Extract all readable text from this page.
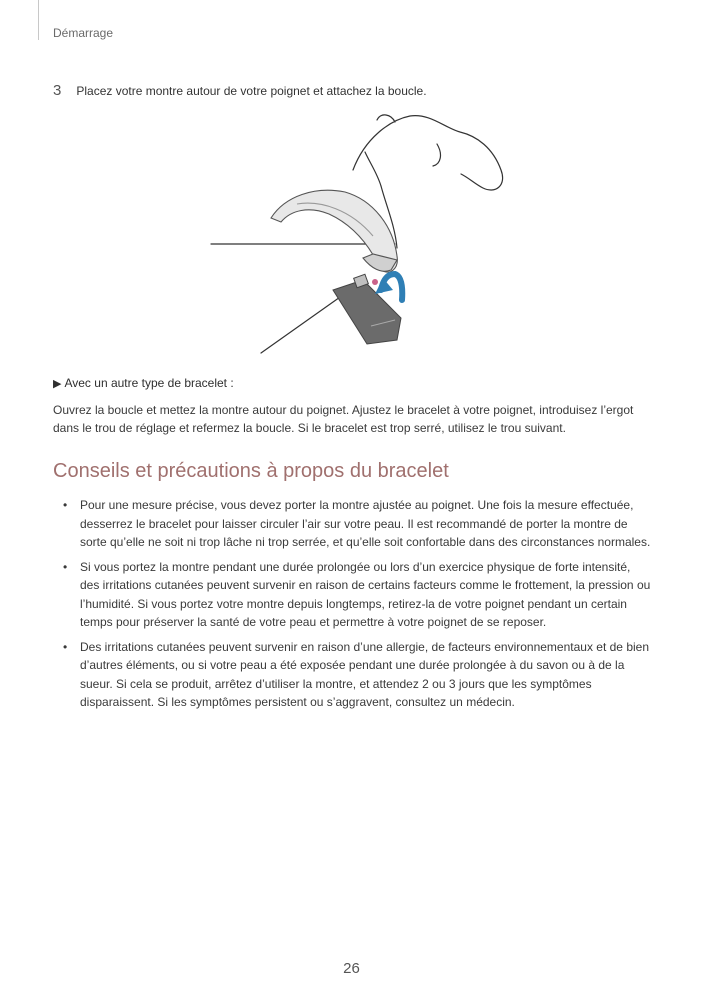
Démarrage
3 Placez votre montre autour de votre poignet et attachez la boucle.
▶ Avec un autre type de bracelet :
Ouvrez la boucle et mettez la montre autour du poignet. Ajustez le bracelet à votre poignet, introduisez l’ergot dans le trou de réglage et refermez la boucle. Si le bracelet est trop serré, utilisez le trou suivant.
Conseils et précautions à propos du bracelet
• Pour une mesure précise, vous devez porter la montre ajustée au poignet. Une fois la mesure effectuée, desserrez le bracelet pour laisser circuler l’air sur votre peau. Il est recommandé de porter la montre de sorte qu’elle ne soit ni trop lâche ni trop serrée, et qu’elle soit confortable dans des circonstances normales.
• Si vous portez la montre pendant une durée prolongée ou lors d’un exercice physique de forte intensité, des irritations cutanées peuvent survenir en raison de certains facteurs comme le frottement, la pression ou l’humidité. Si vous portez votre montre depuis longtemps, retirez-la de votre poignet pendant un certain temps pour préserver la santé de votre peau et permettre à votre poignet de se reposer.
• Des irritations cutanées peuvent survenir en raison d’une allergie, de facteurs environnementaux et de bien d’autres éléments, ou si votre peau a été exposée pendant une durée prolongée à du savon ou à de la sueur. Si cela se produit, arrêtez d’utiliser la montre, et attendez 2 ou 3 jours que les symptômes disparaissent. Si les symptômes persistent ou s’aggravent, consultez un médecin.
26
